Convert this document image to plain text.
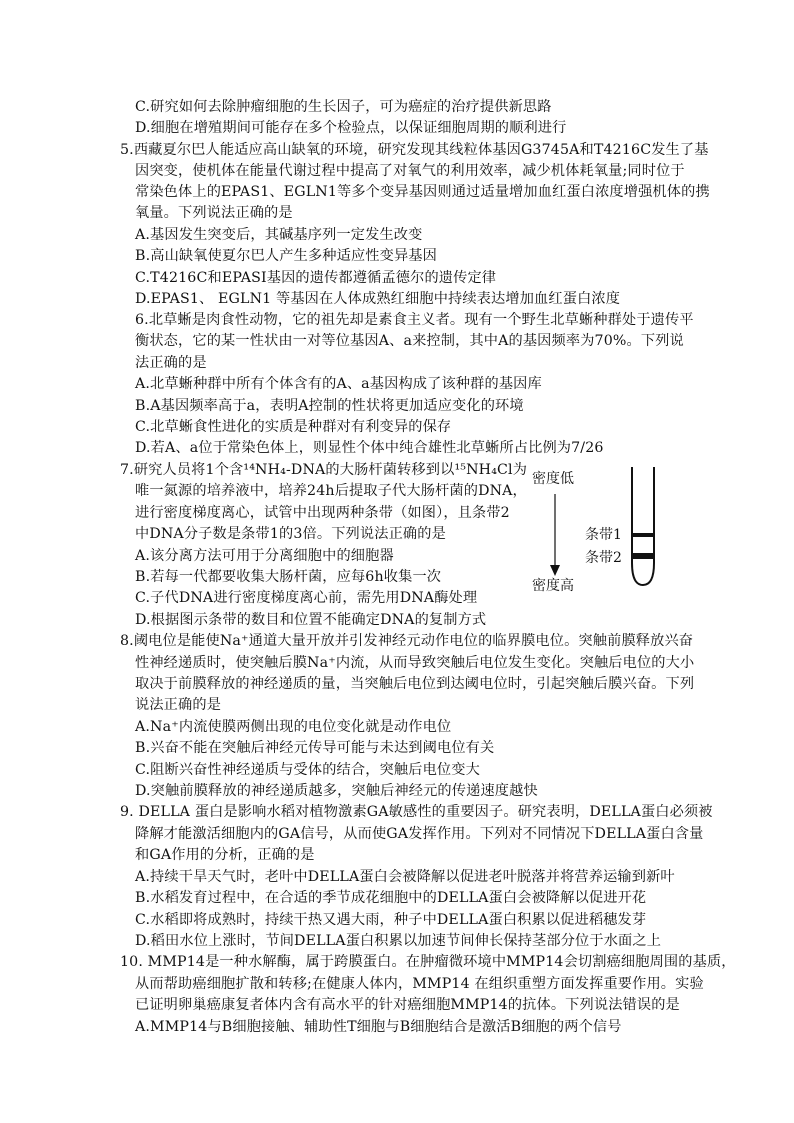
C.研究如何去除肿瘤细胞的生长因子，可为癌症的治疗提供新思路
D.细胞在增殖期间可能存在多个检验点，以保证细胞周期的顺利进行
5.西藏夏尔巴人能适应高山缺氧的环境，研究发现其线粒体基因G3745A和T4216C发生了基
因突变，使机体在能量代谢过程中提高了对氧气的利用效率，减少机体耗氧量;同时位于
常染色体上的EPAS1、EGLN1等多个变异基因则通过适量增加血红蛋白浓度增强机体的携
氧量。下列说法正确的是
A.基因发生突变后，其碱基序列一定发生改变
B.高山缺氧使夏尔巴人产生多种适应性变异基因
C.T4216C和EPASI基因的遗传都遵循孟德尔的遗传定律
D.EPAS1、 EGLN1 等基因在人体成熟红细胞中持续表达增加血红蛋白浓度
6.北草蜥是肉食性动物，它的祖先却是素食主义者。现有一个野生北草蜥种群处于遗传平
衡状态，它的某一性状由一对等位基因A、a来控制，其中A的基因频率为70%。下列说
法正确的是
A.北草蜥种群中所有个体含有的A、a基因构成了该种群的基因库
B.A基因频率高于a，表明A控制的性状将更加适应变化的环境
C.北草蜥食性进化的实质是种群对有利变异的保存
D.若A、a位于常染色体上，则显性个体中纯合雄性北草蜥所占比例为7/26
7.研究人员将1个含¹⁴NH₄-DNA的大肠杆菌转移到以¹⁵NH₄Cl为
唯一氮源的培养液中，培养24h后提取子代大肠杆菌的DNA，
进行密度梯度离心，试管中出现两种条带（如图），且条带2
中DNA分子数是条带1的3倍。下列说法正确的是
A.该分离方法可用于分离细胞中的细胞器
B.若每一代都要收集大肠杆菌，应每6h收集一次
C.子代DNA进行密度梯度离心前，需先用DNA酶处理
D.根据图示条带的数目和位置不能确定DNA的复制方式
8.阈电位是能使Na⁺通道大量开放并引发神经元动作电位的临界膜电位。突触前膜释放兴奋
性神经递质时，使突触后膜Na⁺内流，从而导致突触后电位发生变化。突触后电位的大小
取决于前膜释放的神经递质的量，当突触后电位到达阈电位时，引起突触后膜兴奋。下列
说法正确的是
A.Na⁺内流使膜两侧出现的电位变化就是动作电位
B.兴奋不能在突触后神经元传导可能与未达到阈电位有关
C.阻断兴奋性神经递质与受体的结合，突触后电位变大
D.突触前膜释放的神经递质越多，突触后神经元的传递速度越快
9. DELLA 蛋白是影响水稻对植物激素GA敏感性的重要因子。研究表明，DELLA蛋白必须被
降解才能激活细胞内的GA信号，从而使GA发挥作用。下列对不同情况下DELLA蛋白含量
和GA作用的分析，正确的是
A.持续干旱天气时，老叶中DELLA蛋白会被降解以促进老叶脱落并将营养运输到新叶
B.水稻发育过程中，在合适的季节成花细胞中的DELLA蛋白会被降解以促进开花
C.水稻即将成熟时，持续干热又遇大雨，种子中DELLA蛋白积累以促进稻穗发芽
D.稻田水位上涨时，节间DELLA蛋白积累以加速节间伸长保持茎部分位于水面之上
10. MMP14是一种水解酶，属于跨膜蛋白。在肿瘤微环境中MMP14会切割癌细胞周围的基质，
从而帮助癌细胞扩散和转移;在健康人体内，MMP14 在组织重塑方面发挥重要作用。实验
已证明卵巢癌康复者体内含有高水平的针对癌细胞MMP14的抗体。下列说法错误的是
A.MMP14与B细胞接触、辅助性T细胞与B细胞结合是激活B细胞的两个信号
密度低
密度高
条带1
条带2
